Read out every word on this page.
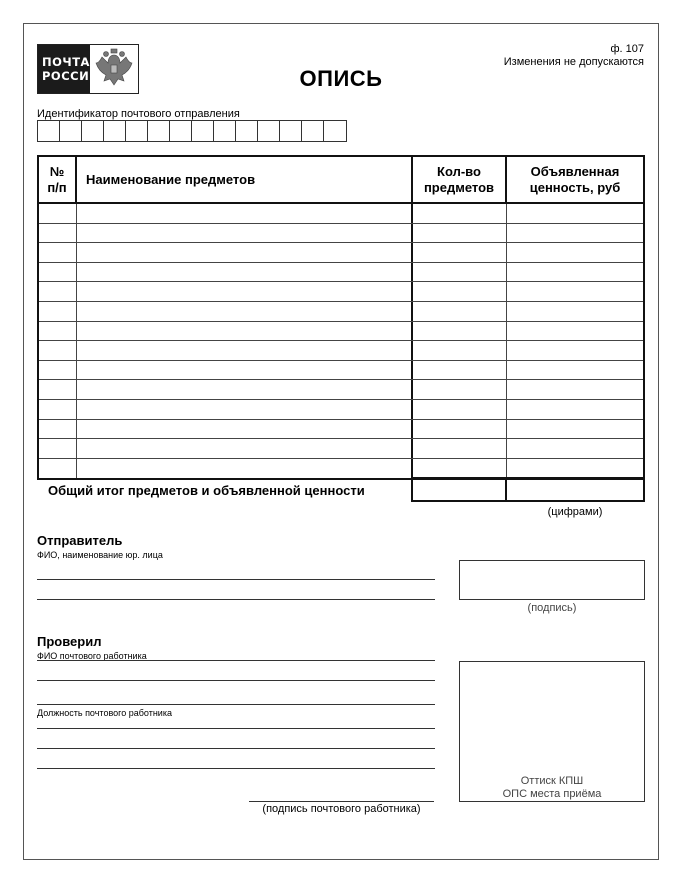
ПОЧТА
РОССИИ
ф. 107
Изменения не допускаются
ОПИСЬ
Идентификатор почтового отправления
№
п/п
Наименование предметов
Кол-во
предметов
Объявленная
ценность, руб
Общий итог предметов и объявленной ценности
(цифрами)
Отправитель
ФИО, наименование юр. лица
(подпись)
Проверил
ФИО почтового работника
Должность почтового работника
Оттиск КПШ
ОПС места приёма
(подпись почтового работника)
